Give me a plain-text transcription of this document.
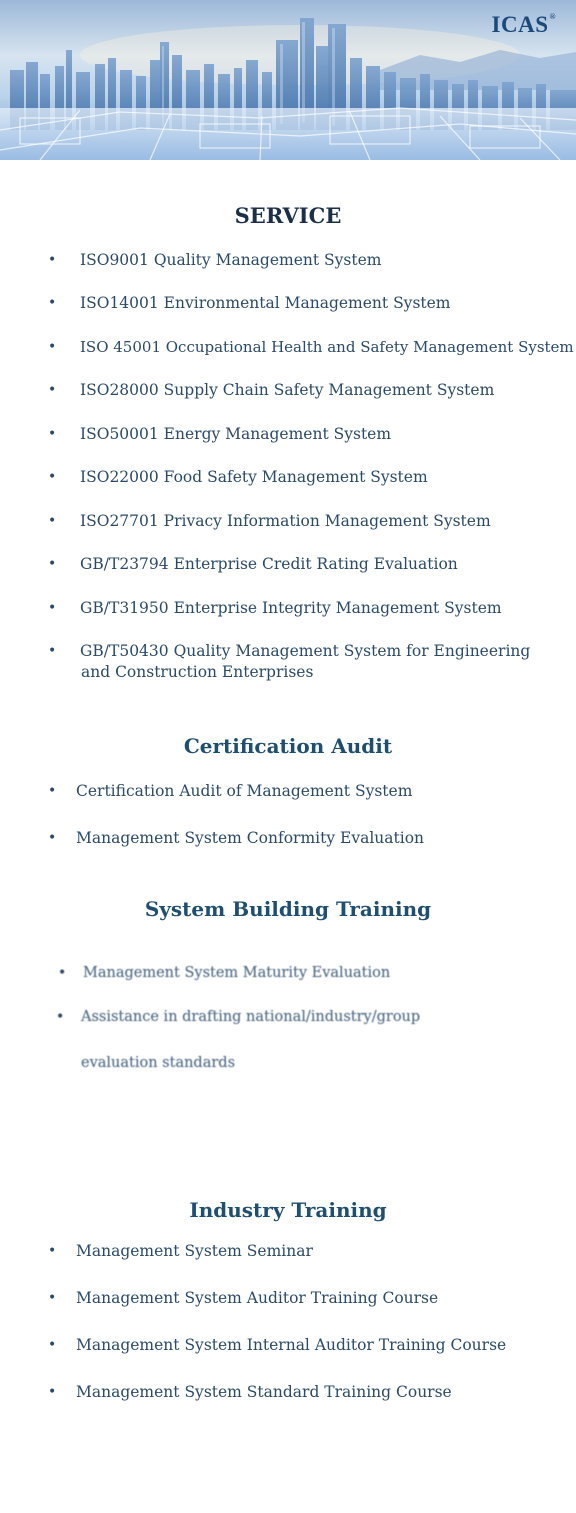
ICAS®
SERVICE
• ISO9001 Quality Management System
• ISO14001 Environmental Management System
• ISO 45001 Occupational Health and Safety Management System
• ISO28000 Supply Chain Safety Management System
• ISO50001 Energy Management System
• ISO22000 Food Safety Management System
• ISO27701 Privacy Information Management System
• GB/T23794 Enterprise Credit Rating Evaluation
• GB/T31950 Enterprise Integrity Management System
• GB/T50430 Quality Management System for Engineering
and Construction Enterprises
Certification Audit
• Certification Audit of Management System
• Management System Conformity Evaluation
System Building Training
• Management System Maturity Evaluation
• Assistance in drafting national/industry/group
evaluation standards
Industry Training
• Management System Seminar
• Management System Auditor Training Course
• Management System Internal Auditor Training Course
• Management System Standard Training Course
